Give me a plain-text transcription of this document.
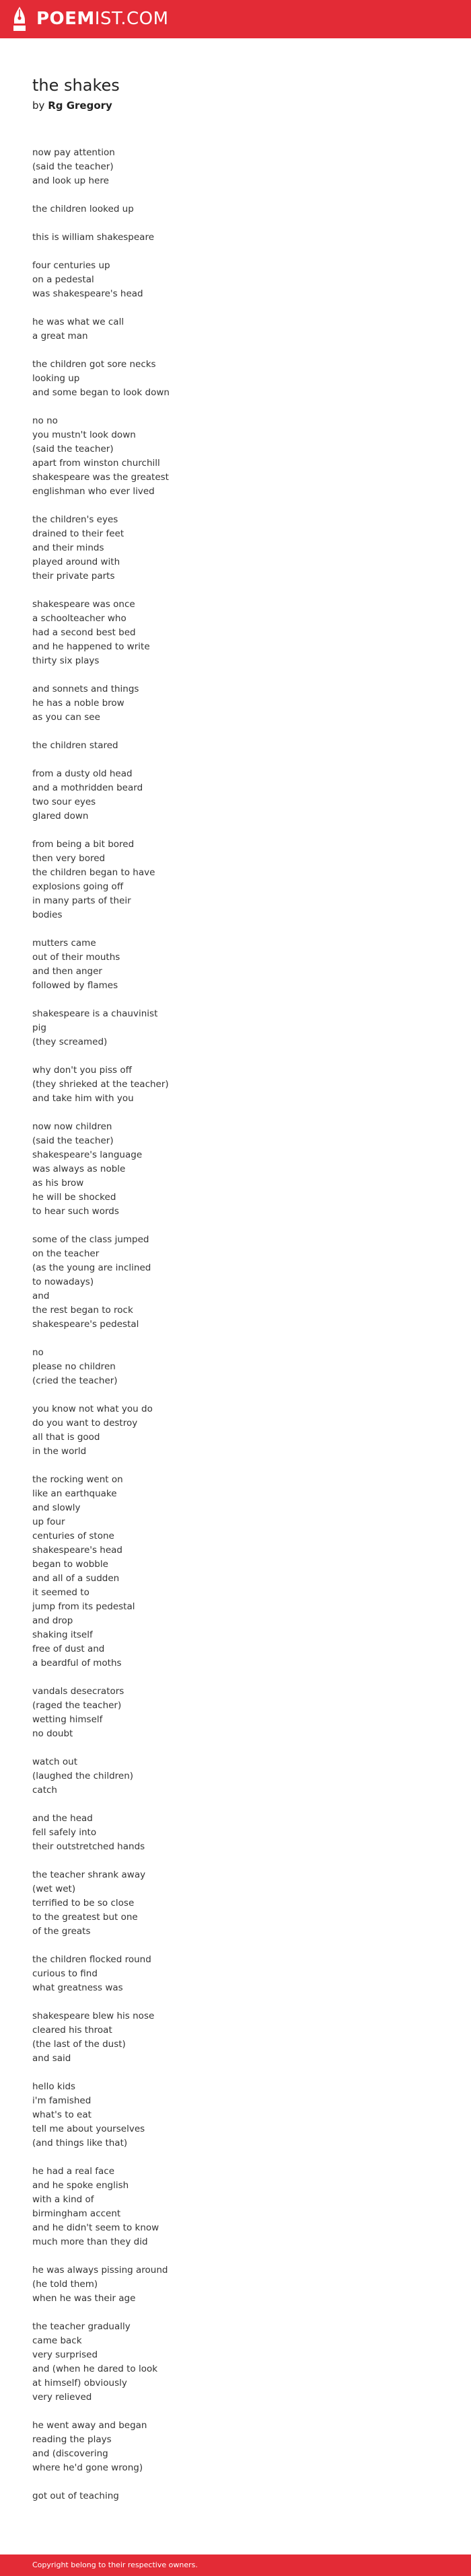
POEMIST.COM
the shakes
by Rg Gregory
now pay attention
(said the teacher)
and look up here
the children looked up
this is william shakespeare
four centuries up
on a pedestal
was shakespeare's head
he was what we call
a great man
the children got sore necks
looking up
and some began to look down
no no
you mustn't look down
(said the teacher)
apart from winston churchill
shakespeare was the greatest
englishman who ever lived
the children's eyes
drained to their feet
and their minds
played around with
their private parts
shakespeare was once
a schoolteacher who
had a second best bed
and he happened to write
thirty six plays
and sonnets and things
he has a noble brow
as you can see
the children stared
from a dusty old head
and a mothridden beard
two sour eyes
glared down
from being a bit bored
then very bored
the children began to have
explosions going off
in many parts of their
bodies
mutters came
out of their mouths
and then anger
followed by flames
shakespeare is a chauvinist
pig
(they screamed)
why don't you piss off
(they shrieked at the teacher)
and take him with you
now now children
(said the teacher)
shakespeare's language
was always as noble
as his brow
he will be shocked
to hear such words
some of the class jumped
on the teacher
(as the young are inclined
to nowadays)
and
the rest began to rock
shakespeare's pedestal
no
please no children
(cried the teacher)
you know not what you do
do you want to destroy
all that is good
in the world
the rocking went on
like an earthquake
and slowly
up four
centuries of stone
shakespeare's head
began to wobble
and all of a sudden
it seemed to
jump from its pedestal
and drop
shaking itself
free of dust and
a beardful of moths
vandals desecrators
(raged the teacher)
wetting himself
no doubt
watch out
(laughed the children)
catch
and the head
fell safely into
their outstretched hands
the teacher shrank away
(wet wet)
terrified to be so close
to the greatest but one
of the greats
the children flocked round
curious to find
what greatness was
shakespeare blew his nose
cleared his throat
(the last of the dust)
and said
hello kids
i'm famished
what's to eat
tell me about yourselves
(and things like that)
he had a real face
and he spoke english
with a kind of
birmingham accent
and he didn't seem to know
much more than they did
he was always pissing around
(he told them)
when he was their age
the teacher gradually
came back
very surprised
and (when he dared to look
at himself) obviously
very relieved
he went away and began
reading the plays
and (discovering
where he'd gone wrong)
got out of teaching
Copyright belong to their respective owners.
